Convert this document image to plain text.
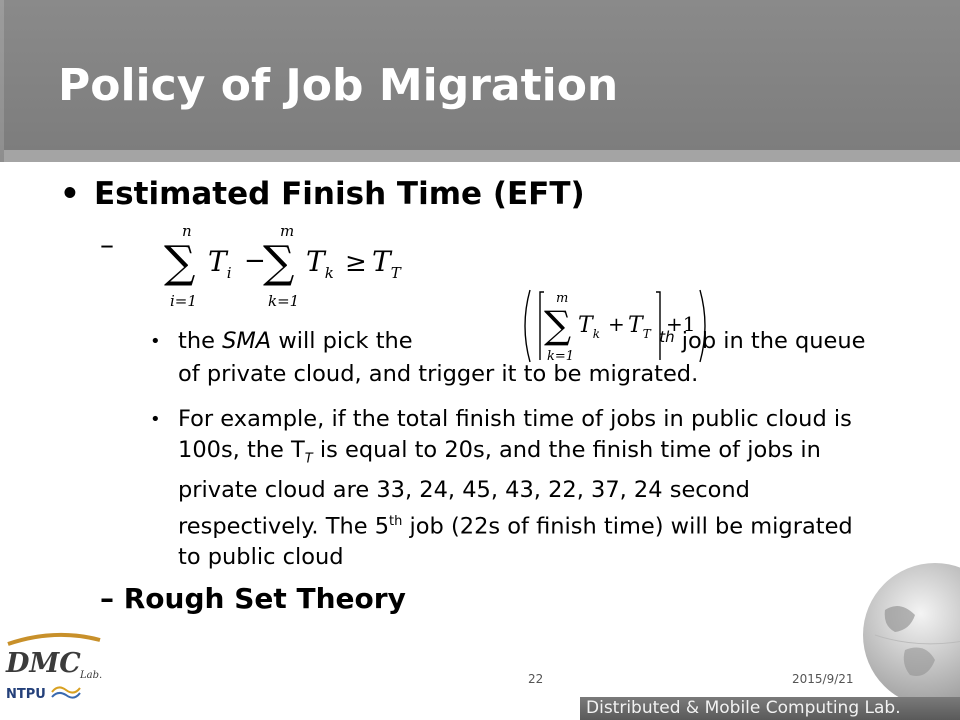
Policy of Job Migration
• Estimated Finish Time (EFT)
–	n
∑
i=1
$T_i$ −
m
∑
k=1
$T_k \ge T_T$
m
∑
k=1
$T_k + T_T +1$
• the SMA will pick the	$^{th}$ job in the queue of private cloud, and trigger it to be migrated.
• For example, if the total finish time of jobs in public cloud is 100s, the $T_T$ is equal to 20s, and the finish time of jobs in private cloud are 33, 24, 45, 43, 22, 37, 24 second respectively. The 5th job (22s of finish time) will be migrated to public cloud
– Rough Set Theory
DMC Lab.
NTPU
22	2015/9/21
Distributed & Mobile Computing Lab.
